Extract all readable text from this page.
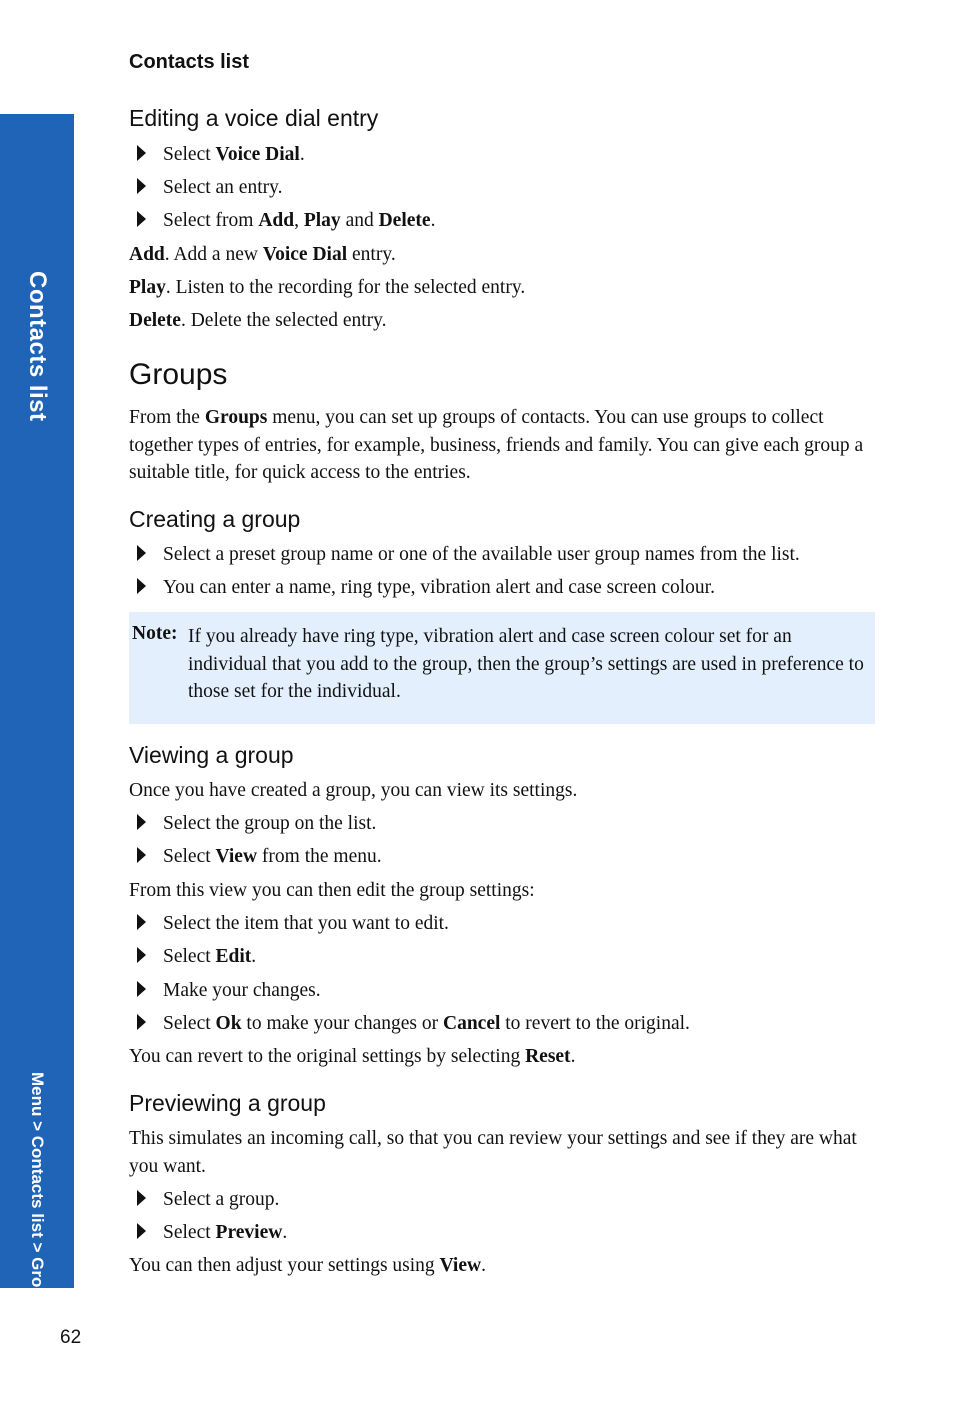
Contacts list
Menu > Contacts list > Groups
Contacts list
Editing a voice dial entry
Select Voice Dial.
Select an entry.
Select from Add, Play and Delete.
Add. Add a new Voice Dial entry.
Play. Listen to the recording for the selected entry.
Delete. Delete the selected entry.
Groups
From the Groups menu, you can set up groups of contacts. You can use groups to collect together types of entries, for example, business, friends and family. You can give each group a suitable title, for quick access to the entries.
Creating a group
Select a preset group name or one of the available user group names from the list.
You can enter a name, ring type, vibration alert and case screen colour.
Note: If you already have ring type, vibration alert and case screen colour set for an individual that you add to the group, then the group’s settings are used in preference to those set for the individual.
Viewing a group
Once you have created a group, you can view its settings.
Select the group on the list.
Select View from the menu.
From this view you can then edit the group settings:
Select the item that you want to edit.
Select Edit.
Make your changes.
Select Ok to make your changes or Cancel to revert to the original.
You can revert to the original settings by selecting Reset.
Previewing a group
This simulates an incoming call, so that you can review your settings and see if they are what you want.
Select a group.
Select Preview.
You can then adjust your settings using View.
62
